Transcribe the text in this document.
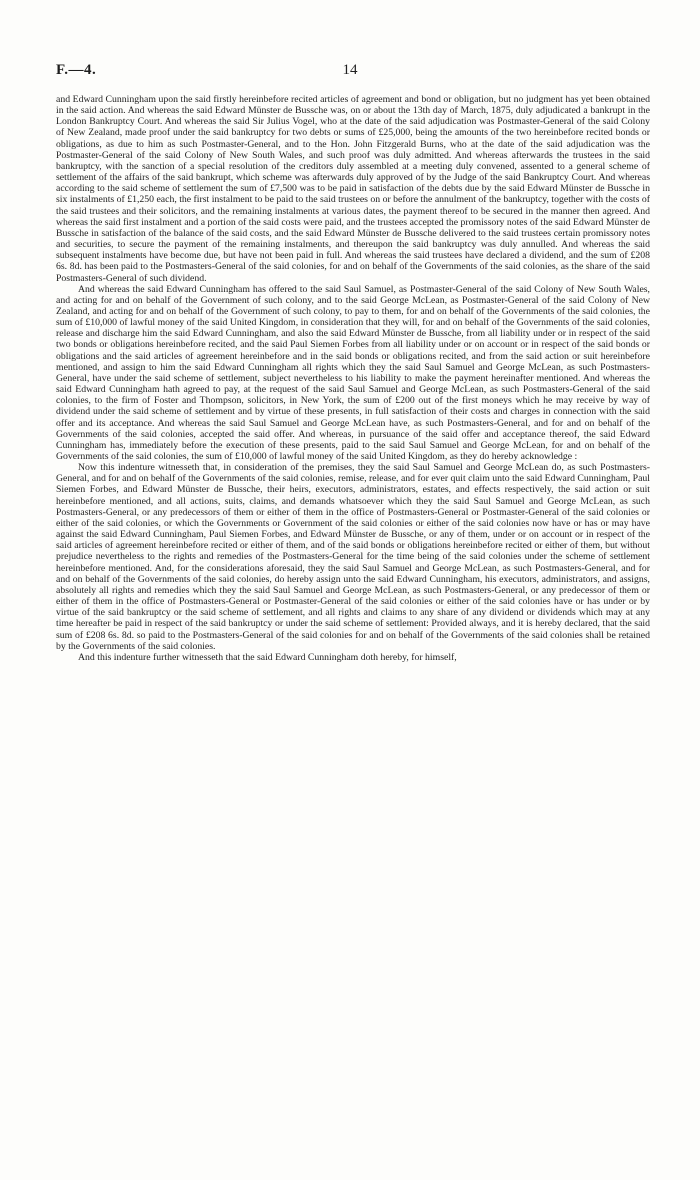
F.—4.	14

and Edward Cunningham upon the said firstly hereinbefore recited articles of agreement and bond or obligation, but no judgment has yet been obtained in the said action. And whereas the said Edward Münster de Bussche was, on or about the 13th day of March, 1875, duly adjudicated a bankrupt in the London Bankruptcy Court. And whereas the said Sir Julius Vogel, who at the date of the said adjudication was Postmaster-General of the said Colony of New Zealand, made proof under the said bankruptcy for two debts or sums of £25,000, being the amounts of the two hereinbefore recited bonds or obligations, as due to him as such Postmaster-General, and to the Hon. John Fitzgerald Burns, who at the date of the said adjudication was the Postmaster-General of the said Colony of New South Wales, and such proof was duly admitted. And whereas afterwards the trustees in the said bankruptcy, with the sanction of a special resolution of the creditors duly assembled at a meeting duly convened, assented to a general scheme of settlement of the affairs of the said bankrupt, which scheme was afterwards duly approved of by the Judge of the said Bankruptcy Court. And whereas according to the said scheme of settlement the sum of £7,500 was to be paid in satisfaction of the debts due by the said Edward Münster de Bussche in six instalments of £1,250 each, the first instalment to be paid to the said trustees on or before the annulment of the bankruptcy, together with the costs of the said trustees and their solicitors, and the remaining instalments at various dates, the payment thereof to be secured in the manner then agreed. And whereas the said first instalment and a portion of the said costs were paid, and the trustees accepted the promissory notes of the said Edward Münster de Bussche in satisfaction of the balance of the said costs, and the said Edward Münster de Bussche delivered to the said trustees certain promissory notes and securities, to secure the payment of the remaining instalments, and thereupon the said bankruptcy was duly annulled. And whereas the said subsequent instalments have become due, but have not been paid in full. And whereas the said trustees have declared a dividend, and the sum of £208 6s. 8d. has been paid to the Postmasters-General of the said colonies, for and on behalf of the Governments of the said colonies, as the share of the said Postmasters-General of such dividend.

And whereas the said Edward Cunningham has offered to the said Saul Samuel, as Postmaster-General of the said Colony of New South Wales, and acting for and on behalf of the Government of such colony, and to the said George McLean, as Postmaster-General of the said Colony of New Zealand, and acting for and on behalf of the Government of such colony, to pay to them, for and on behalf of the Governments of the said colonies, the sum of £10,000 of lawful money of the said United Kingdom, in consideration that they will, for and on behalf of the Governments of the said colonies, release and discharge him the said Edward Cunningham, and also the said Edward Münster de Bussche, from all liability under or in respect of the said two bonds or obligations hereinbefore recited, and the said Paul Siemen Forbes from all liability under or on account or in respect of the said bonds or obligations and the said articles of agreement hereinbefore and in the said bonds or obligations recited, and from the said action or suit hereinbefore mentioned, and assign to him the said Edward Cunningham all rights which they the said Saul Samuel and George McLean, as such Postmasters-General, have under the said scheme of settlement, subject nevertheless to his liability to make the payment hereinafter mentioned. And whereas the said Edward Cunningham hath agreed to pay, at the request of the said Saul Samuel and George McLean, as such Postmasters-General of the said colonies, to the firm of Foster and Thompson, solicitors, in New York, the sum of £200 out of the first moneys which he may receive by way of dividend under the said scheme of settlement and by virtue of these presents, in full satisfaction of their costs and charges in connection with the said offer and its acceptance. And whereas the said Saul Samuel and George McLean have, as such Postmasters-General, and for and on behalf of the Governments of the said colonies, accepted the said offer. And whereas, in pursuance of the said offer and acceptance thereof, the said Edward Cunningham has, immediately before the execution of these presents, paid to the said Saul Samuel and George McLean, for and on behalf of the Governments of the said colonies, the sum of £10,000 of lawful money of the said United Kingdom, as they do hereby acknowledge :

Now this indenture witnesseth that, in consideration of the premises, they the said Saul Samuel and George McLean do, as such Postmasters-General, and for and on behalf of the Governments of the said colonies, remise, release, and for ever quit claim unto the said Edward Cunningham, Paul Siemen Forbes, and Edward Münster de Bussche, their heirs, executors, administrators, estates, and effects respectively, the said action or suit hereinbefore mentioned, and all actions, suits, claims, and demands whatsoever which they the said Saul Samuel and George McLean, as such Postmasters-General, or any predecessors of them or either of them in the office of Postmasters-General or Postmaster-General of the said colonies or either of the said colonies, or which the Governments or Government of the said colonies or either of the said colonies now have or has or may have against the said Edward Cunningham, Paul Siemen Forbes, and Edward Münster de Bussche, or any of them, under or on account or in respect of the said articles of agreement hereinbefore recited or either of them, and of the said bonds or obligations hereinbefore recited or either of them, but without prejudice nevertheless to the rights and remedies of the Postmasters-General for the time being of the said colonies under the scheme of settlement hereinbefore mentioned. And, for the considerations aforesaid, they the said Saul Samuel and George McLean, as such Postmasters-General, and for and on behalf of the Governments of the said colonies, do hereby assign unto the said Edward Cunningham, his executors, administrators, and assigns, absolutely all rights and remedies which they the said Saul Samuel and George McLean, as such Postmasters-General, or any predecessor of them or either of them in the office of Postmasters-General or Postmaster-General of the said colonies or either of the said colonies have or has under or by virtue of the said bankruptcy or the said scheme of settlement, and all rights and claims to any share of any dividend or dividends which may at any time hereafter be paid in respect of the said bankruptcy or under the said scheme of settlement: Provided always, and it is hereby declared, that the said sum of £208 6s. 8d. so paid to the Postmasters-General of the said colonies for and on behalf of the Governments of the said colonies shall be retained by the Governments of the said colonies.

And this indenture further witnesseth that the said Edward Cunningham doth hereby, for himself,
